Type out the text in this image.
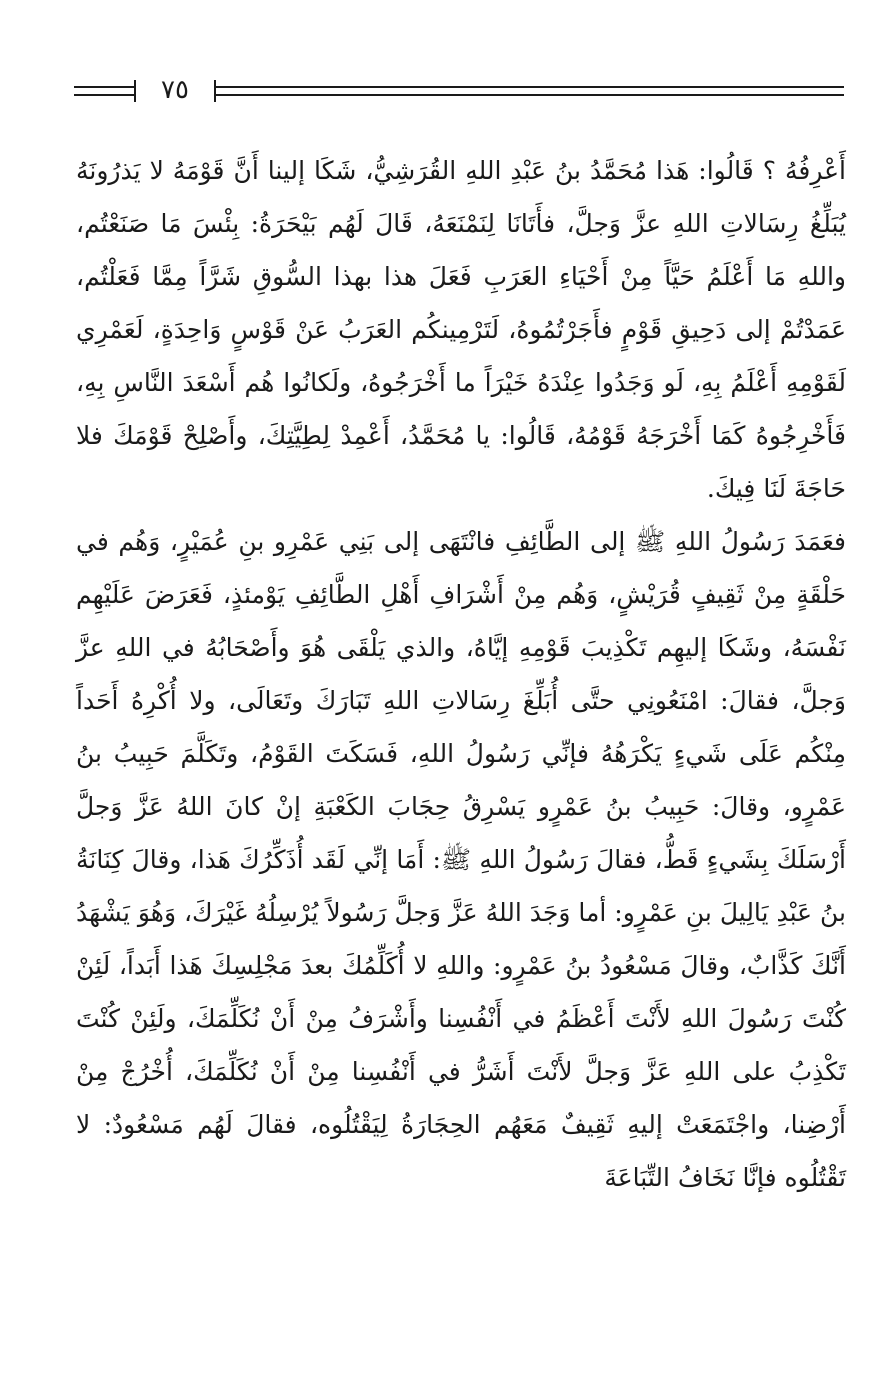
٧٥

أَعْرِفُهُ ؟ قَالُوا: هَذا مُحَمَّدُ بنُ عَبْدِ اللهِ القُرَشِيُّ، شَكَا إلينا أَنَّ قَوْمَهُ لا يَذرُونَهُ يُبَلِّغُ رِسَالاتِ اللهِ عزَّ وَجلَّ، فأَتَانَا لِنَمْنَعَهُ، قَالَ لَهُم بَيْحَرَةُ: بِئْسَ مَا صَنَعْتُم، واللهِ مَا أَعْلَمُ حَيَّاً مِنْ أَحْيَاءِ العَرَبِ فَعَلَ هذا بهذا السُّوقِ شَرَّاً مِمَّا فَعَلْتُم، عَمَدْتُمْ إلى دَحِيقِ قَوْمٍ فأَجَرْتُمُوهُ، لَتَرْمِينكُم العَرَبُ عَنْ قَوْسٍ وَاحِدَةٍ، لَعَمْرِي لَقَوْمِهِ أَعْلَمُ بِهِ، لَو وَجَدُوا عِنْدَهُ خَيْرَاً ما أَخْرَجُوهُ، ولَكانُوا هُم أَسْعَدَ النَّاسِ بِهِ، فَأَخْرِجُوهُ كَمَا أَخْرَجَهُ قَوْمُهُ، قَالُوا: يا مُحَمَّدُ، أَعْمِدْ لِطِيَّتِكَ، وأَصْلِحْ قَوْمَكَ فلا حَاجَةَ لَنَا فِيكَ.

فعَمَدَ رَسُولُ اللهِ ﷺ إلى الطَّائِفِ فانْتَهَى إلى بَنِي عَمْرِو بنِ عُمَيْرٍ، وَهُم في حَلْقَةٍ مِنْ ثَقِيفٍ قُرَيْشٍ، وَهُم مِنْ أَشْرَافِ أَهْلِ الطَّائِفِ يَوْمئذٍ، فَعَرَضَ عَلَيْهِم نَفْسَهُ، وشَكَا إليهِم تَكْذِيبَ قَوْمِهِ إيَّاهُ، والذي يَلْقَى هُوَ وأَصْحَابُهُ في اللهِ عزَّ وَجلَّ، فقالَ: امْنَعُونِي حتَّى أُبَلِّغَ رِسَالاتِ اللهِ تَبَارَكَ وتَعَالَى، ولا أُكْرِهُ أَحَداً مِنْكُم عَلَى شَيءٍ يَكْرَهُهُ فإنِّي رَسُولُ اللهِ، فَسَكَتَ القَوْمُ، وتَكَلَّمَ حَبِيبُ بنُ عَمْرٍو، وقالَ: حَبِيبُ بنُ عَمْرٍو يَسْرِقُ حِجَابَ الكَعْبَةِ إنْ كانَ اللهُ عَزَّ وَجلَّ أَرْسَلَكَ بِشَيءٍ قَطُّ، فقالَ رَسُولُ اللهِ ﷺ: أَمَا إنِّي لَقَد أُذَكِّرُكَ هَذا، وقالَ كِنَانَةُ بنُ عَبْدِ يَالِيلَ بنِ عَمْرٍو: أما وَجَدَ اللهُ عَزَّ وَجلَّ رَسُولاً يُرْسِلُهُ غَيْرَكَ، وَهُوَ يَشْهَدُ أَنَّكَ كَذَّابٌ، وقالَ مَسْعُودُ بنُ عَمْرٍو: واللهِ لا أُكَلِّمُكَ بعدَ مَجْلِسِكَ هَذا أَبَداً، لَئِنْ كُنْتَ رَسُولَ اللهِ لأَنْتَ أَعْظَمُ في أَنْفُسِنا وأَشْرَفُ مِنْ أَنْ نُكَلِّمَكَ، ولَئِنْ كُنْتَ تَكْذِبُ على اللهِ عَزَّ وَجلَّ لأَنْتَ أَشَرُّ في أَنْفُسِنا مِنْ أَنْ نُكَلِّمَكَ، أُخْرُجْ مِنْ أَرْضِنا، واجْتَمَعَتْ إليهِ ثَقِيفٌ مَعَهُم الحِجَارَةُ لِيَقْتُلُوه، فقالَ لَهُم مَسْعُودٌ: لا تَقْتُلُوه فإنَّا نَخَافُ التِّبَاعَةَ
